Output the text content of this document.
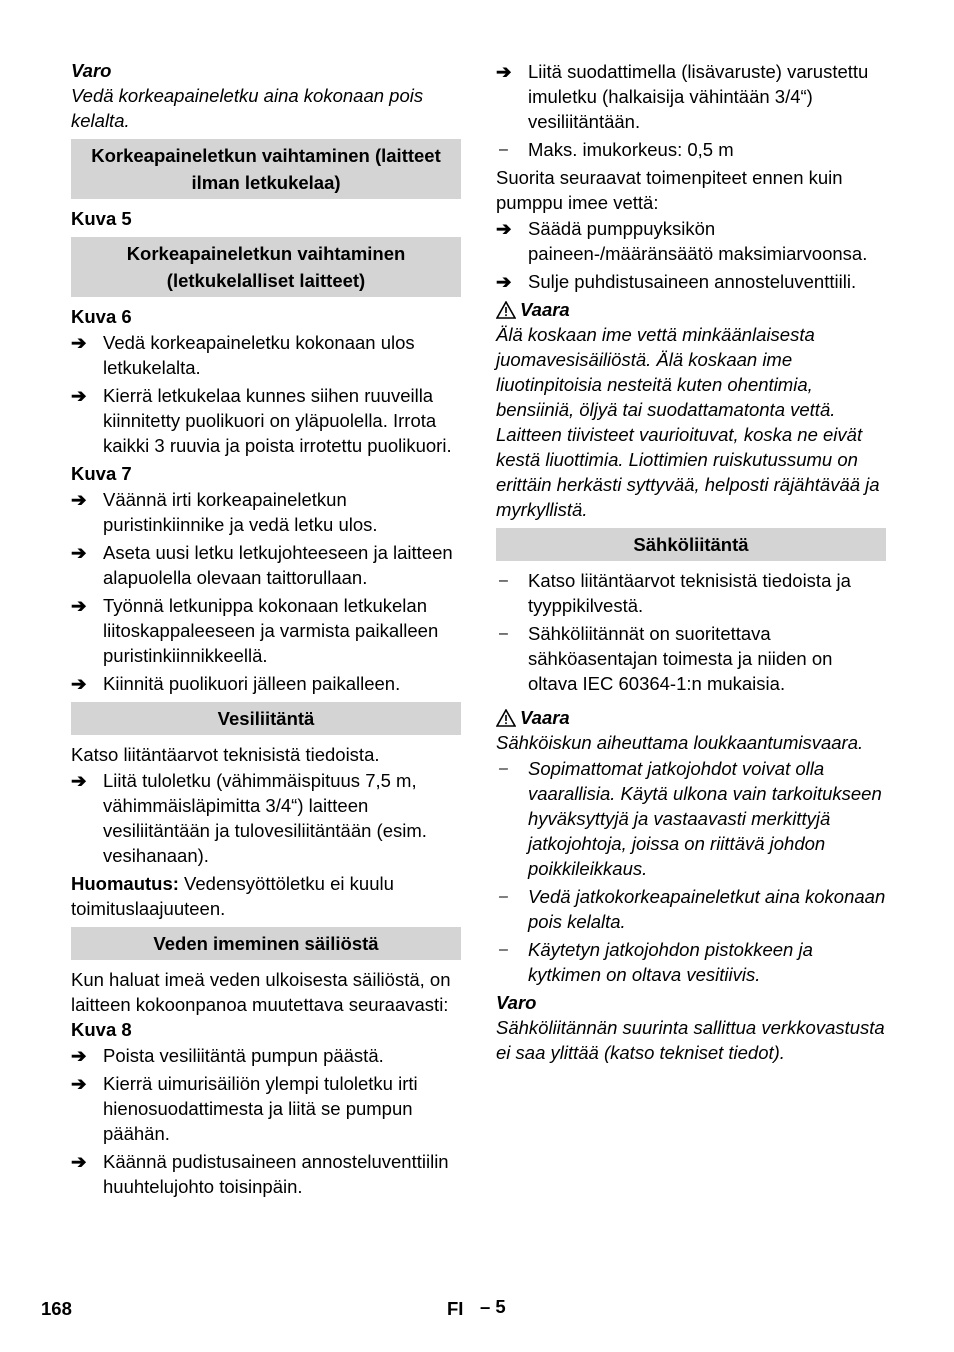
Varo
Vedä korkeapaineletku aina kokonaan pois kelalta.
Korkeapaineletkun vaihtaminen (laitteet ilman letkukelaa)
Kuva 5
Korkeapaineletkun vaihtaminen (letkukelalliset laitteet)
Kuva 6
➔ Vedä korkeapaineletku kokonaan ulos letkukelalta.
➔ Kierrä letkukelaa kunnes siihen ruuveilla kiinnitetty puolikuori on yläpuolella. Irrota kaikki 3 ruuvia ja poista irrotettu puolikuori.
Kuva 7
➔ Väännä irti korkeapaineletkun puristinkiinnike ja vedä letku ulos.
➔ Aseta uusi letku letkujohteeseen ja laitteen alapuolella olevaan taittorullaan.
➔ Työnnä letkunippa kokonaan letkukelan liitoskappaleeseen ja varmista paikalleen puristinkiinnikkeellä.
➔ Kiinnitä puolikuori jälleen paikalleen.
Vesiliitäntä
Katso liitäntäarvot teknisistä tiedoista.
➔ Liitä tuloletku (vähimmäispituus 7,5 m, vähimmäisläpimitta 3/4“) laitteen vesiliitäntään ja tulovesiliitäntään (esim. vesihanaan).
Huomautus: Vedensyöttöletku ei kuulu toimituslaajuuteen.
Veden imeminen säiliöstä
Kun haluat imeä veden ulkoisesta säiliöstä, on laitteen kokoonpanoa muutettava seuraavasti:
Kuva 8
➔ Poista vesiliitäntä pumpun päästä.
➔ Kierrä uimurisäiliön ylempi tuloletku irti hienosuodattimesta ja liitä se pumpun päähän.
➔ Käännä pudistusaineen annosteluventtiilin huuhtelujohto toisinpäin.
➔ Liitä suodattimella (lisävaruste) varustettu imuletku (halkaisija vähintään 3/4“) vesiliitäntään.
–	Maks. imukorkeus: 0,5 m
Suorita seuraavat toimenpiteet ennen kuin pumppu imee vettä:
➔ Säädä pumppuyksikön paineen-/määränsäätö maksimiarvoonsa.
➔ Sulje puhdistusaineen annosteluventtiili.
Vaara
Älä koskaan ime vettä minkäänlaisesta juomavesisäiliöstä. Älä koskaan ime liuotinpitoisia nesteitä kuten ohentimia, bensiiniä, öljyä tai suodattamatonta vettä. Laitteen tiivisteet vaurioituvat, koska ne eivät kestä liuottimia. Liottimien ruiskutussumu on erittäin herkästi syttyvää, helposti räjähtävää ja myrkyllistä.
Sähköliitäntä
–	Katso liitäntäarvot teknisistä tiedoista ja tyyppikilvestä.
–	Sähköliitännät on suoritettava sähköasentajan toimesta ja niiden on oltava IEC 60364-1:n mukaisia.
Vaara
Sähköiskun aiheuttama loukkaantumisvaara.
–	Sopimattomat jatkojohdot voivat olla vaarallisia. Käytä ulkona vain tarkoitukseen hyväksyttyjä ja vastaavasti merkittyjä jatkojohtoja, joissa on riittävä johdon poikkileikkaus.
–	Vedä jatkokorkeapaineletkut aina kokonaan pois kelalta.
–	Käytetyn jatkojohdon pistokkeen ja kytkimen on oltava vesitiivis.
Varo
Sähköliitännän suurinta sallittua verkkovastusta ei saa ylittää (katso tekniset tiedot).
168	FI – 5
